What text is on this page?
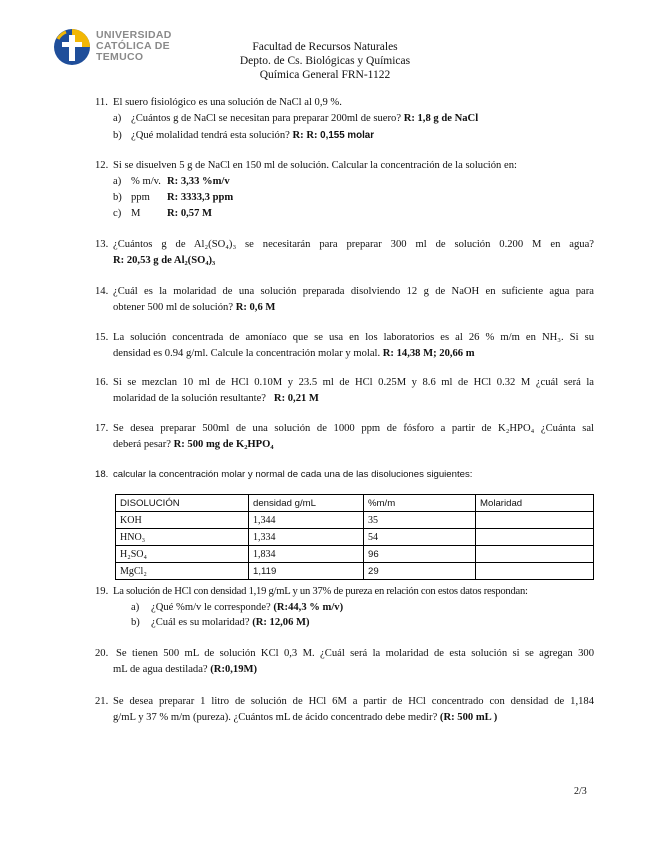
UNIVERSIDAD
CATÓLICA DE
TEMUCO
Facultad de Recursos Naturales
Depto. de Cs. Biológicas y Químicas
Química General FRN-1122
11. El suero fisiológico es una solución de NaCl al 0,9 %.
a) ¿Cuántos g de NaCl se necesitan para preparar 200ml de suero? R: 1,8 g de NaCl
b) ¿Qué molalidad tendrá esta solución? R: R: 0,155 molar
12. Si se disuelven 5 g de NaCl en 150 ml de solución. Calcular la concentración de la solución en:
a) % m/v. R: 3,33 %m/v
b) ppm R: 3333,3 ppm
c) M	R: 0,57 M
13. ¿Cuántos g de Al₂(SO₄)₃ se necesitarán para preparar 300 ml de solución 0.200 M en agua?
R: 20,53 g de Al₂(SO₄)₃
14. ¿Cuál es la molaridad de una solución preparada disolviendo 12 g de NaOH en suficiente agua para
obtener 500 ml de solución? R: 0,6 M
15. La solución concentrada de amoníaco que se usa en los laboratorios es al 26 % m/m en NH₃. Si su
densidad es 0.94 g/ml. Calcule la concentración molar y molal. R: 14,38 M; 20,66 m
16. Si se mezclan 10 ml de HCl 0.10M y 23.5 ml de HCl 0.25M y 8.6 ml de HCl 0.32 M ¿cuál será la
molaridad de la solución resultante? R: 0,21 M
17. Se desea preparar 500ml de una solución de 1000 ppm de fósforo a partir de K₂HPO₄ ¿Cuánta sal
deberá pesar? R: 500 mg de K₂HPO₄
18. calcular la concentración molar y normal de cada una de las disoluciones siguientes:
DISOLUCIÓN	densidad g/mL	%m/m	Molaridad
KOH	1,344	35	
HNO₃	1,334	54	
H₂SO₄	1,834	96	
MgCl₂	1,119	29	
19. La solución de HCl con densidad 1,19 g/mL y un 37% de pureza en relación con estos datos respondan:
a) ¿Qué %m/v le corresponde? (R:44,3 % m/v)
b) ¿Cuál es su molaridad? (R: 12,06 M)
20. Se tienen 500 mL de solución KCl 0,3 M. ¿Cuál será la molaridad de esta solución si se agregan 300
mL de agua destilada? (R:0,19M)
21. Se desea preparar 1 litro de solución de HCl 6M a partir de HCl concentrado con densidad de 1,184
g/mL y 37 % m/m (pureza). ¿Cuántos mL de ácido concentrado debe medir? (R: 500 mL )
2/3
